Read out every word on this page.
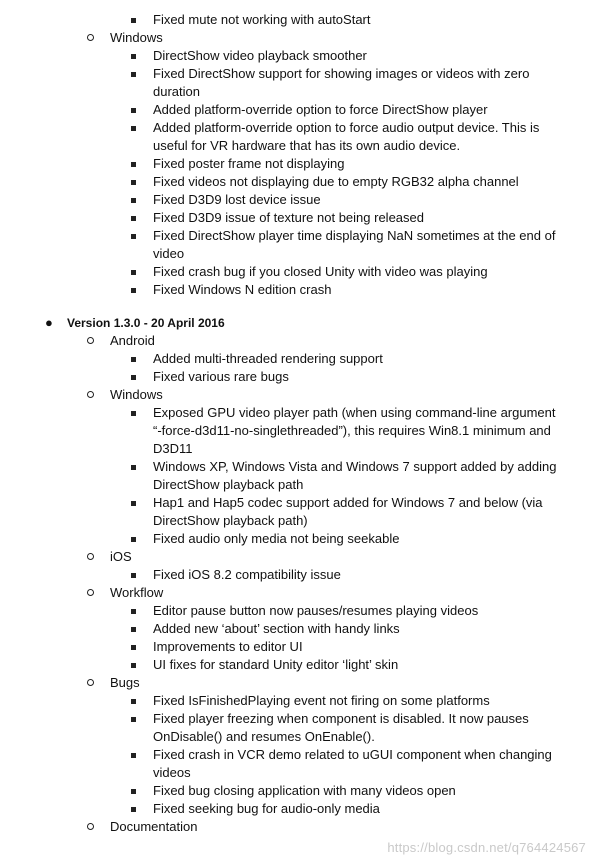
Fixed mute not working with autoStart
Windows
DirectShow video playback smoother
Fixed DirectShow support for showing images or videos with zero duration
Added platform-override option to force DirectShow player
Added platform-override option to force audio output device. This is useful for VR hardware that has its own audio device.
Fixed poster frame not displaying
Fixed videos not displaying due to empty RGB32 alpha channel
Fixed D3D9 lost device issue
Fixed D3D9 issue of texture not being released
Fixed DirectShow player time displaying NaN sometimes at the end of video
Fixed crash bug if you closed Unity with video was playing
Fixed Windows N edition crash
● Version 1.3.0 - 20 April 2016
Android
Added multi-threaded rendering support
Fixed various rare bugs
Windows
Exposed GPU video player path (when using command-line argument “-force-d3d11-no-singlethreaded”), this requires Win8.1 minimum and D3D11
Windows XP, Windows Vista and Windows 7 support added by adding DirectShow playback path
Hap1 and Hap5 codec support added for Windows 7 and below (via DirectShow playback path)
Fixed audio only media not being seekable
iOS
Fixed iOS 8.2 compatibility issue
Workflow
Editor pause button now pauses/resumes playing videos
Added new ‘about’ section with handy links
Improvements to editor UI
UI fixes for standard Unity editor ‘light’ skin
Bugs
Fixed IsFinishedPlaying event not firing on some platforms
Fixed player freezing when component is disabled. It now pauses OnDisable() and resumes OnEnable().
Fixed crash in VCR demo related to uGUI component when changing videos
Fixed bug closing application with many videos open
Fixed seeking bug for audio-only media
Documentation
https://blog.csdn.net/q764424567
